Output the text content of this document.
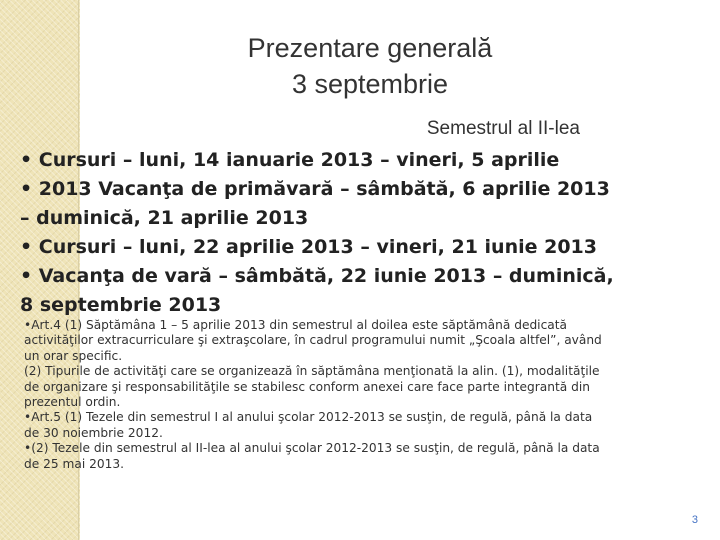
Prezentare generală
3 septembrie
Semestrul al II-lea
• Cursuri – luni, 14 ianuarie 2013 – vineri, 5 aprilie
• 2013 Vacanţa de primăvară – sâmbătă, 6 aprilie 2013
– duminică, 21 aprilie 2013
• Cursuri – luni, 22 aprilie 2013 – vineri, 21 iunie 2013
• Vacanţa de vară – sâmbătă, 22 iunie 2013 – duminică,
8 septembrie 2013
•Art.4 (1) Săptămâna 1 – 5 aprilie 2013 din semestrul al doilea este săptămână dedicată
activităţilor extracurriculare şi extraşcolare, în cadrul programului numit „Şcoala altfel”, având
un orar specific.
(2) Tipurile de activităţi care se organizează în săptămâna menţionată la alin. (1), modalităţile
de organizare şi responsabilităţile se stabilesc conform anexei care face parte integrantă din
prezentul ordin.
•Art.5 (1) Tezele din semestrul I al anului şcolar 2012-2013 se susţin, de regulă, până la data
de 30 noiembrie 2012.
•(2) Tezele din semestrul al II-lea al anului şcolar 2012-2013 se susţin, de regulă, până la data
de 25 mai 2013.
3
